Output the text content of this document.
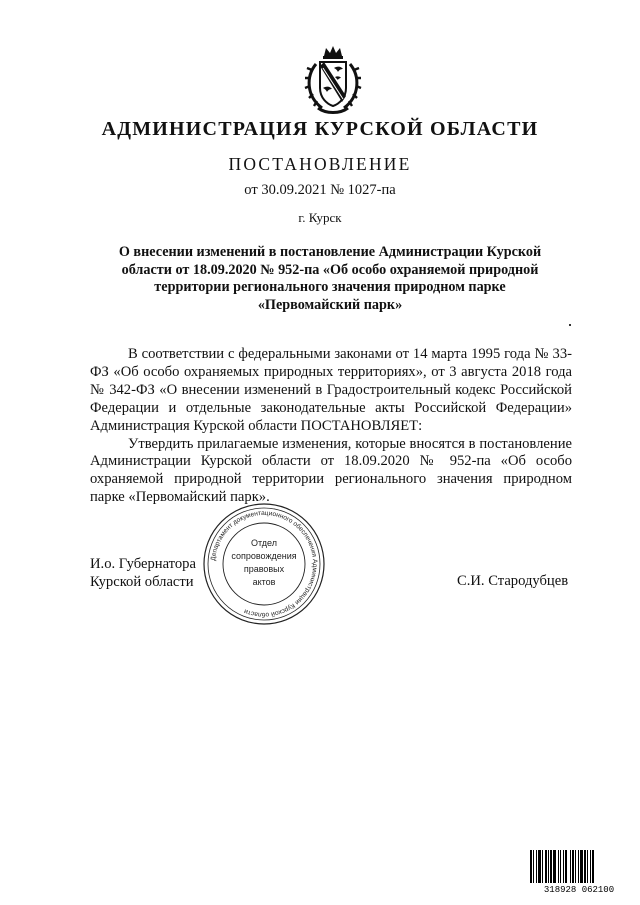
АДМИНИСТРАЦИЯ КУРСКОЙ ОБЛАСТИ
ПОСТАНОВЛЕНИЕ
от 30.09.2021 № 1027-па
г. Курск
О внесении изменений в постановление Администрации Курской
области от 18.09.2020 № 952-па «Об особо охраняемой природной
территории регионального значения природном парке
«Первомайский парк»

В соответствии с федеральными законами от 14 марта 1995 года № 33-ФЗ «Об особо охраняемых природных территориях», от 3 августа 2018 года № 342-ФЗ «О внесении изменений в Градостроительный кодекс Российской Федерации и отдельные законодательные акты Российской Федерации» Администрация Курской области ПОСТАНОВЛЯЕТ:

Утвердить прилагаемые изменения, которые вносятся в постановление Администрации Курской области от 18.09.2020 № 952-па «Об особо охраняемой природной территории регионального значения природном парке «Первомайский парк».

И.о. Губернатора
Курской области
Департамент документационного обеспечения Администрации Курской области
Отдел
сопровождения
правовых
актов	С.И. Стародубцев
318928 062100
